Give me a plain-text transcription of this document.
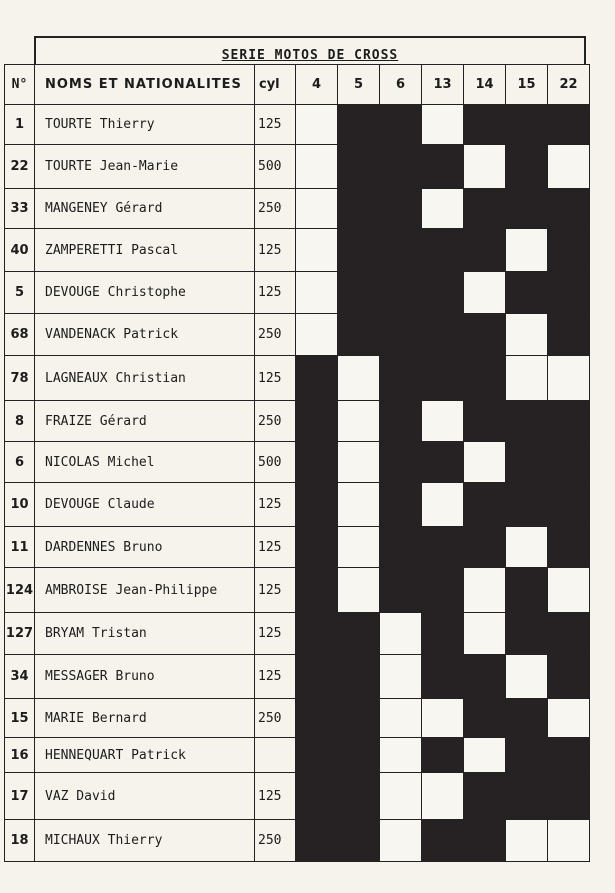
SERIE MOTOS DE CROSS
N°	NOMS ET NATIONALITES	cyl	4	5	6	13	14	15	22
1	TOURTE Thierry	125							
22	TOURTE Jean-Marie	500							
33	MANGENEY Gérard	250							
40	ZAMPERETTI Pascal	125							
5	DEVOUGE Christophe	125							
68	VANDENACK Patrick	250							
78	LAGNEAUX Christian	125							
8	FRAIZE Gérard	250							
6	NICOLAS Michel	500							
10	DEVOUGE Claude	125							
11	DARDENNES Bruno	125							
124	AMBROISE Jean-Philippe	125							
127	BRYAM Tristan	125							
34	MESSAGER Bruno	125							
15	MARIE Bernard	250							
16	HENNEQUART Patrick								
17	VAZ David	125							
18	MICHAUX Thierry	250							
